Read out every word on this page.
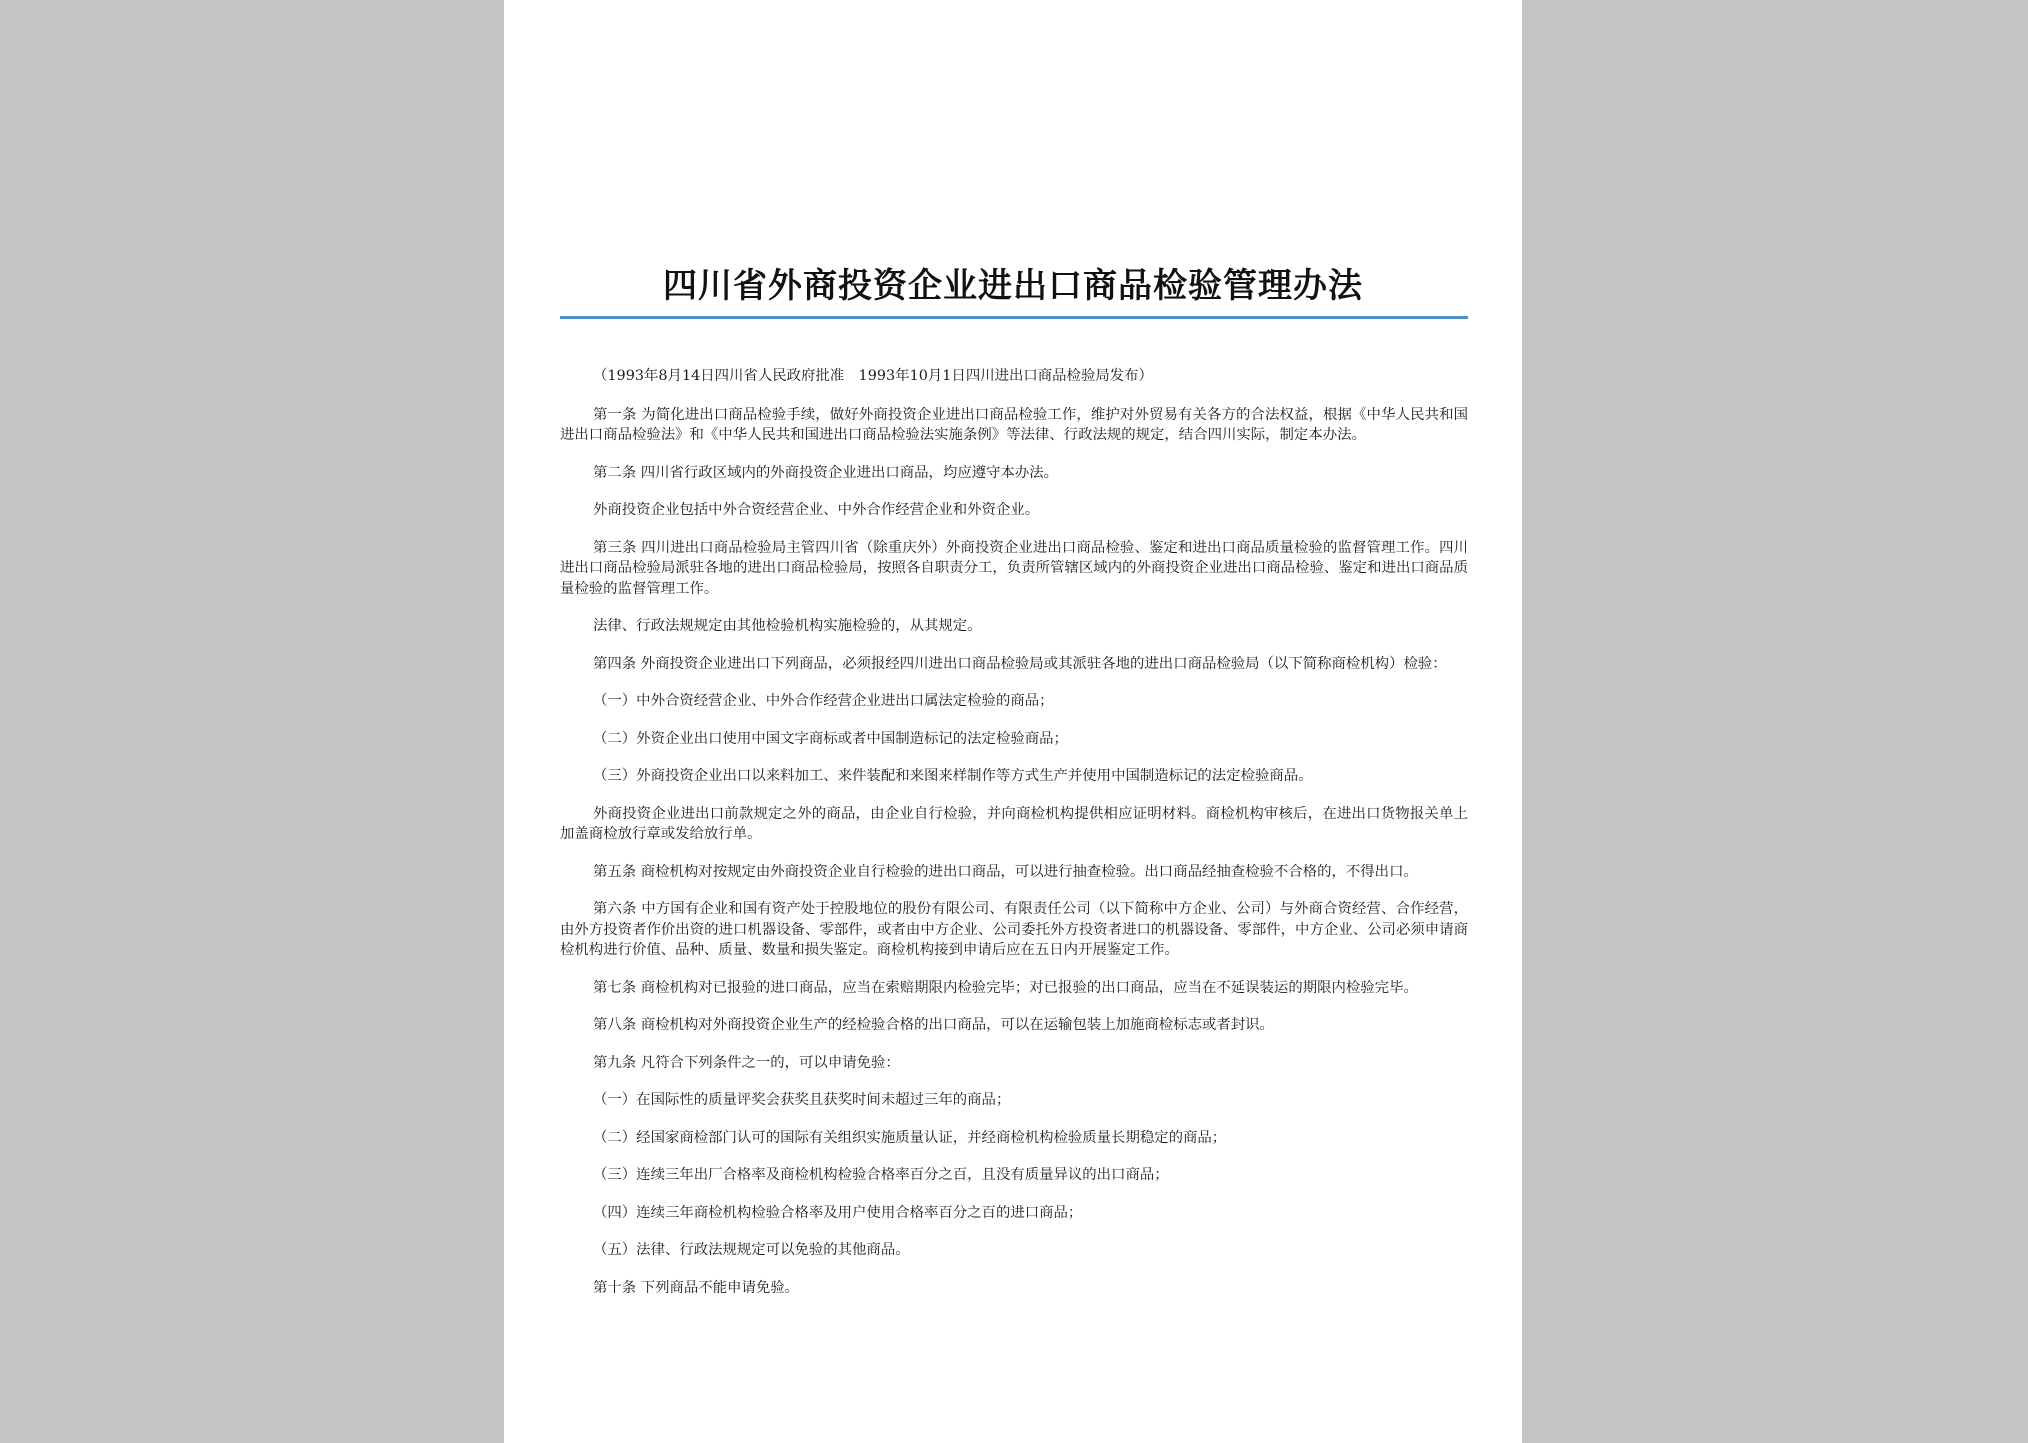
四川省外商投资企业进出口商品检验管理办法

（1993年8月14日四川省人民政府批准　1993年10月1日四川进出口商品检验局发布）

第一条 为简化进出口商品检验手续，做好外商投资企业进出口商品检验工作，维护对外贸易有关各方的合法权益，根据《中华人民共和国进出口商品检验法》和《中华人民共和国进出口商品检验法实施条例》等法律、行政法规的规定，结合四川实际，制定本办法。

第二条 四川省行政区域内的外商投资企业进出口商品，均应遵守本办法。

外商投资企业包括中外合资经营企业、中外合作经营企业和外资企业。

第三条 四川进出口商品检验局主管四川省（除重庆外）外商投资企业进出口商品检验、鉴定和进出口商品质量检验的监督管理工作。四川进出口商品检验局派驻各地的进出口商品检验局，按照各自职责分工，负责所管辖区域内的外商投资企业进出口商品检验、鉴定和进出口商品质量检验的监督管理工作。

法律、行政法规规定由其他检验机构实施检验的，从其规定。

第四条 外商投资企业进出口下列商品，必须报经四川进出口商品检验局或其派驻各地的进出口商品检验局（以下简称商检机构）检验：

（一）中外合资经营企业、中外合作经营企业进出口属法定检验的商品；

（二）外资企业出口使用中国文字商标或者中国制造标记的法定检验商品；

（三）外商投资企业出口以来料加工、来件装配和来图来样制作等方式生产并使用中国制造标记的法定检验商品。

外商投资企业进出口前款规定之外的商品，由企业自行检验，并向商检机构提供相应证明材料。商检机构审核后，在进出口货物报关单上加盖商检放行章或发给放行单。

第五条 商检机构对按规定由外商投资企业自行检验的进出口商品，可以进行抽查检验。出口商品经抽查检验不合格的，不得出口。

第六条 中方国有企业和国有资产处于控股地位的股份有限公司、有限责任公司（以下简称中方企业、公司）与外商合资经营、合作经营，由外方投资者作价出资的进口机器设备、零部件，或者由中方企业、公司委托外方投资者进口的机器设备、零部件，中方企业、公司必须申请商检机构进行价值、品种、质量、数量和损失鉴定。商检机构接到申请后应在五日内开展鉴定工作。

第七条 商检机构对已报验的进口商品，应当在索赔期限内检验完毕；对已报验的出口商品，应当在不延误装运的期限内检验完毕。

第八条 商检机构对外商投资企业生产的经检验合格的出口商品，可以在运输包装上加施商检标志或者封识。

第九条 凡符合下列条件之一的，可以申请免验：

（一）在国际性的质量评奖会获奖且获奖时间未超过三年的商品；

（二）经国家商检部门认可的国际有关组织实施质量认证，并经商检机构检验质量长期稳定的商品；

（三）连续三年出厂合格率及商检机构检验合格率百分之百，且没有质量异议的出口商品；

（四）连续三年商检机构检验合格率及用户使用合格率百分之百的进口商品；

（五）法律、行政法规规定可以免验的其他商品。

第十条 下列商品不能申请免验。
